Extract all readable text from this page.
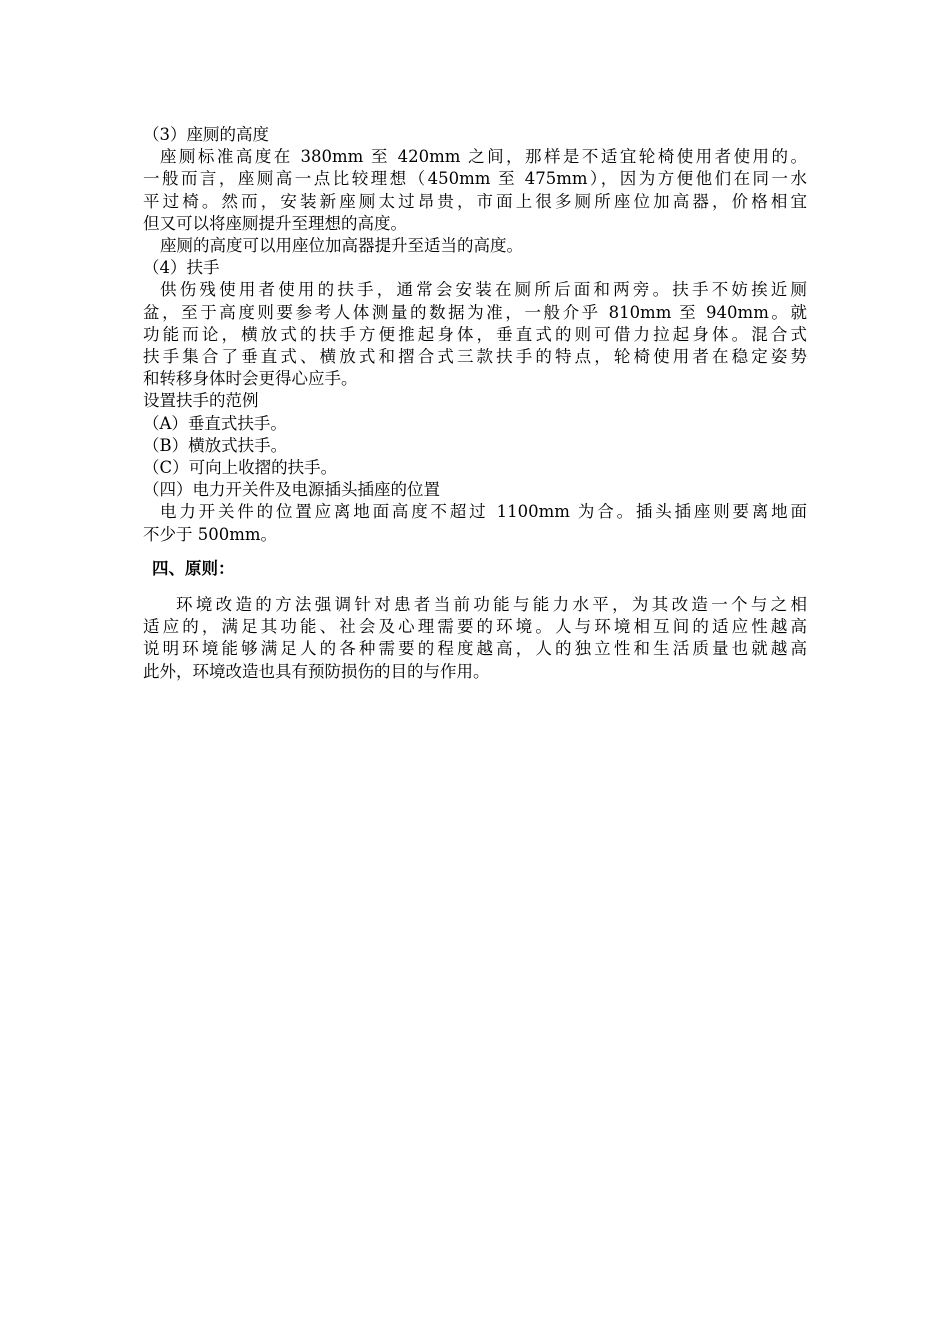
（3）座厕的高度
座厕标准高度在 380mm 至 420mm 之间，那样是不适宜轮椅使用者使用的。
一般而言，座厕高一点比较理想（450mm 至 475mm），因为方便他们在同一水
平过椅。然而，安装新座厕太过昂贵，市面上很多厕所座位加高器，价格相宜
但又可以将座厕提升至理想的高度。
座厕的高度可以用座位加高器提升至适当的高度。
（4）扶手
供伤残使用者使用的扶手，通常会安装在厕所后面和两旁。扶手不妨挨近厕
盆，至于高度则要参考人体测量的数据为准，一般介乎 810mm 至 940mm。就
功能而论，横放式的扶手方便推起身体，垂直式的则可借力拉起身体。混合式
扶手集合了垂直式、横放式和摺合式三款扶手的特点，轮椅使用者在稳定姿势
和转移身体时会更得心应手。
设置扶手的范例
（A）垂直式扶手。
（B）横放式扶手。
（C）可向上收摺的扶手。
（四）电力开关件及电源插头插座的位置
电力开关件的位置应离地面高度不超过 1100mm 为合。插头插座则要离地面
不少于 500mm。
四、原则：
环境改造的方法强调针对患者当前功能与能力水平，为其改造一个与之相
适应的，满足其功能、社会及心理需要的环境。人与环境相互间的适应性越高
说明环境能够满足人的各种需要的程度越高，人的独立性和生活质量也就越高
此外，环境改造也具有预防损伤的目的与作用。
